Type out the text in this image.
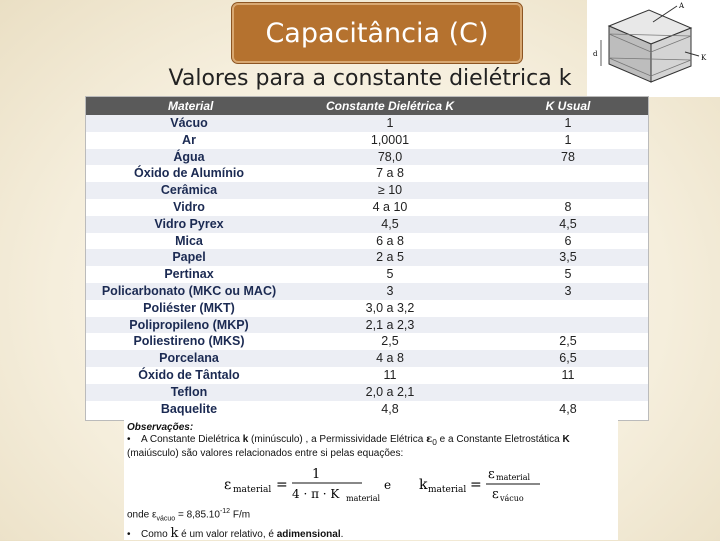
Capacitância (C)
Valores para a constante dielétrica k
A
K
d
Material	Constante Dielétrica K	K Usual
Vácuo	1	1
Ar	1,0001	1
Água	78,0	78
Óxido de Alumínio	7 a 8	
Cerâmica	≥ 10	
Vidro	4 a 10	8
Vidro Pyrex	4,5	4,5
Mica	6 a 8	6
Papel	2 a 5	3,5
Pertinax	5	5
Policarbonato (MKC ou MAC)	3	3
Poliéster (MKT)	3,0 a 3,2	
Polipropileno (MKP)	2,1 a 2,3	
Poliestireno (MKS)	2,5	2,5
Porcelana	4 a 8	6,5
Óxido de Tântalo	11	11
Teflon	2,0 a 2,1	
Baquelite	4,8	4,8
Observações:
• A Constante Dielétrica k (minúsculo) , a Permissividade Elétrica $\varepsilon_0$ e a Constante Eletrostática K (maiúsculo) são valores relacionados entre si pelas equações:
ε material =
1
4 · π · K material
e k material =
ε material
ε vácuo
onde $\varepsilon_{vácuo} = 8,85.10^{-12}$ F/m
• Como k é um valor relativo, é adimensional.
